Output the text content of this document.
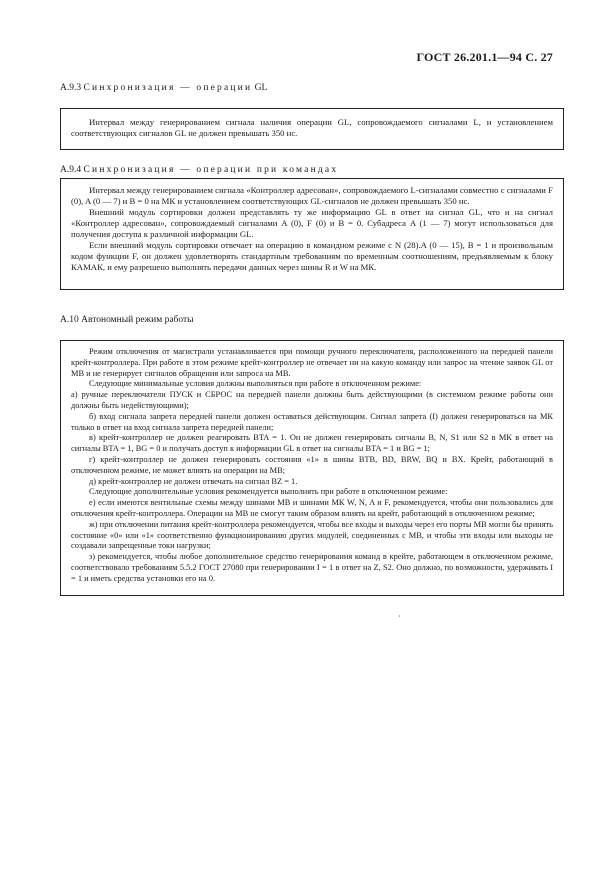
ГОСТ 26.201.1—94 С. 27
А.9.3 Синхронизация — операции GL

Интервал между генерированием сигнала наличия операции GL, сопровождаемого сигналами L, и установлением соответствующих сигналов GL не должен превышать 350 нс.

А.9.4 Синхронизация — операции при командах

Интервал между генерированием сигнала «Контроллер адресован», сопровождаемого L-сигналами совместно с сигналами F (0), A (0 — 7) и B = 0 на МК и установлением соответствующих GL-сигналов не должен превышать 350 нс.

Внешний модуль сортировки должен представлять ту же информацию GL в ответ на сигнал GL, что и на сигнал «Контроллер адресован», сопровождаемый сигналами A (0), F (0) и B = 0. Субадреса A (1 — 7) могут использоваться для получения доступа к различной информации GL.

Если внешний модуль сортировки отвечает на операцию в командном режиме с N (28).A (0 — 15), B = 1 и произвольным кодом функции F, он должен удовлетворять стандартным требованиям по временным соотношениям, предъявляемым к блоку КАМАК, и ему разрешено выполнять передачи данных через шины R и W на МК.

А.10 Автономный режим работы

Режим отключения от магистрали устанавливается при помощи ручного переключателя, расположенного на передней панели крейт-контроллера. При работе в этом режиме крейт-контроллер не отвечает ни на какую команду или запрос на чтение заявок GL от МВ и не генерирует сигналов обращения или запроса на МВ.

Следующие минимальные условия должны выполняться при работе в отключенном режиме:

а) ручные переключатели ПУСК и СБРОС на передней панели должны быть действующими (в системном режиме работы они должны быть недействующими);

б) вход сигнала запрета передней панели должен оставаться действующим. Сигнал запрета (I) должен генерироваться на МК только в ответ на вход сигнала запрета передней панели;

в) крейт-контроллер не должен реагировать BTA = 1. Он не должен генерировать сигналы B, N, S1 или S2 в МК в ответ на сигналы BTA = 1, BG = 0 и получать доступ к информации GL в ответ на сигналы BTA = 1 и BG = 1;

г) крейт-контроллер не должен генерировать состояния «1» в шины BTB, BD, BRW, BQ и BX. Крейт, работающий в отключенном режиме, не может влиять на операции на МВ;

д) крейт-контроллер не должен отвечать на сигнал BZ = 1.

Следующие дополнительные условия рекомендуется выполнять при работе в отключенном режиме:

е) если имеются вентильные схемы между шинами МВ и шинами МК W, N, A и F, рекомендуется, чтобы они пользовались для отключения крейт-контроллера. Операции на МВ не смогут таким образом влиять на крейт, работающий в отключенном режиме;

ж) при отключении питания крейт-контроллера рекомендуется, чтобы все входы и выходы через его порты МВ могли бы принять состояние «0» или «1» соответственно функционированию других модулей, соединенных с МВ, и чтобы эти входы или выходы не создавали запрещенные токи нагрузки;

з) рекомендуется, чтобы любое дополнительное средство генерирования команд в крейте, работающем в отключенном режиме, соответствовало требованиям 5.5.2 ГОСТ 27080 при генерировании I = 1 в ответ на Z, S2. Оно должно, по возможности, удерживать I = 1 и иметь средства установки его на 0.

·
